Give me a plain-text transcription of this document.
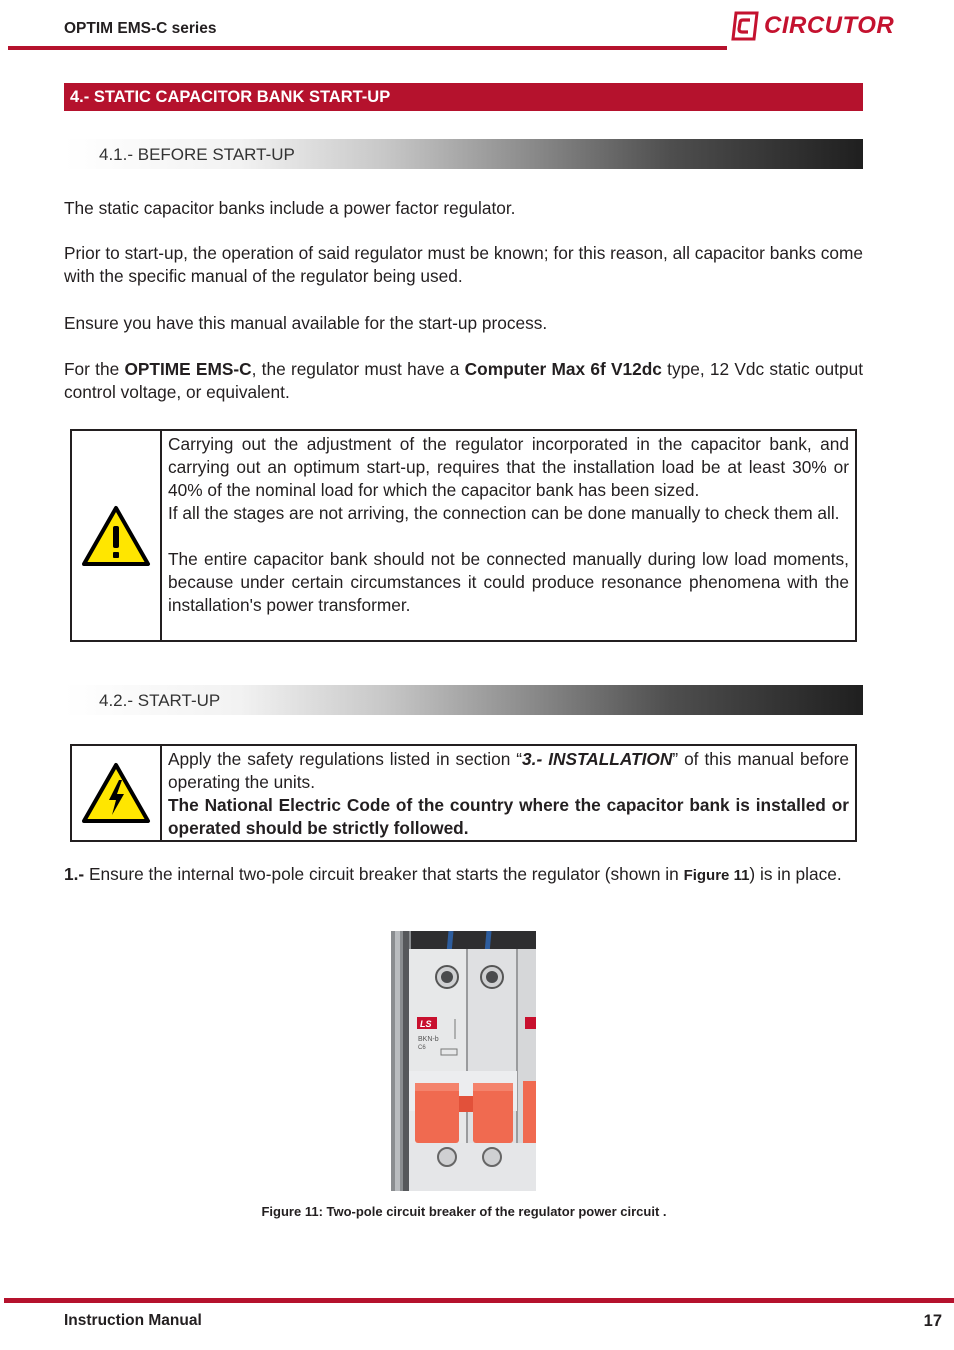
OPTIM EMS-C series	CIRCUTOR
4.- STATIC CAPACITOR BANK START-UP
4.1.- BEFORE START-UP

The static capacitor banks include a power factor regulator.

Prior to start-up, the operation of said regulator must be known; for this reason, all capacitor banks come with the specific manual of the regulator being used.

Ensure you have this manual available for the start-up process.

For the OPTIME EMS-C, the regulator must have a Computer Max 6f V12dc type, 12 Vdc static output control voltage, or equivalent.

Carrying out the adjustment of the regulator incorporated in the capacitor bank, and carrying out an optimum start-up, requires that the installation load be at least 30% or 40% of the nominal load for which the capacitor bank has been sized.
If all the stages are not arriving, the connection can be done manually to check them all.
The entire capacitor bank should not be connected manually during low load moments, because under certain circumstances it could produce resonance phenomena with the installation's power transformer.
4.2.- START-UP
Apply the safety regulations listed in section “3.- INSTALLATION” of this manual before operating the units.
The National Electric Code of the country where the capacitor bank is installed or operated should be strictly followed.

1.- Ensure the internal two-pole circuit breaker that starts the regulator (shown in Figure 11) is in place.

LS
BKN-b
C6
Figure 11: Two-pole circuit breaker of the regulator power circuit .
Instruction Manual	17
